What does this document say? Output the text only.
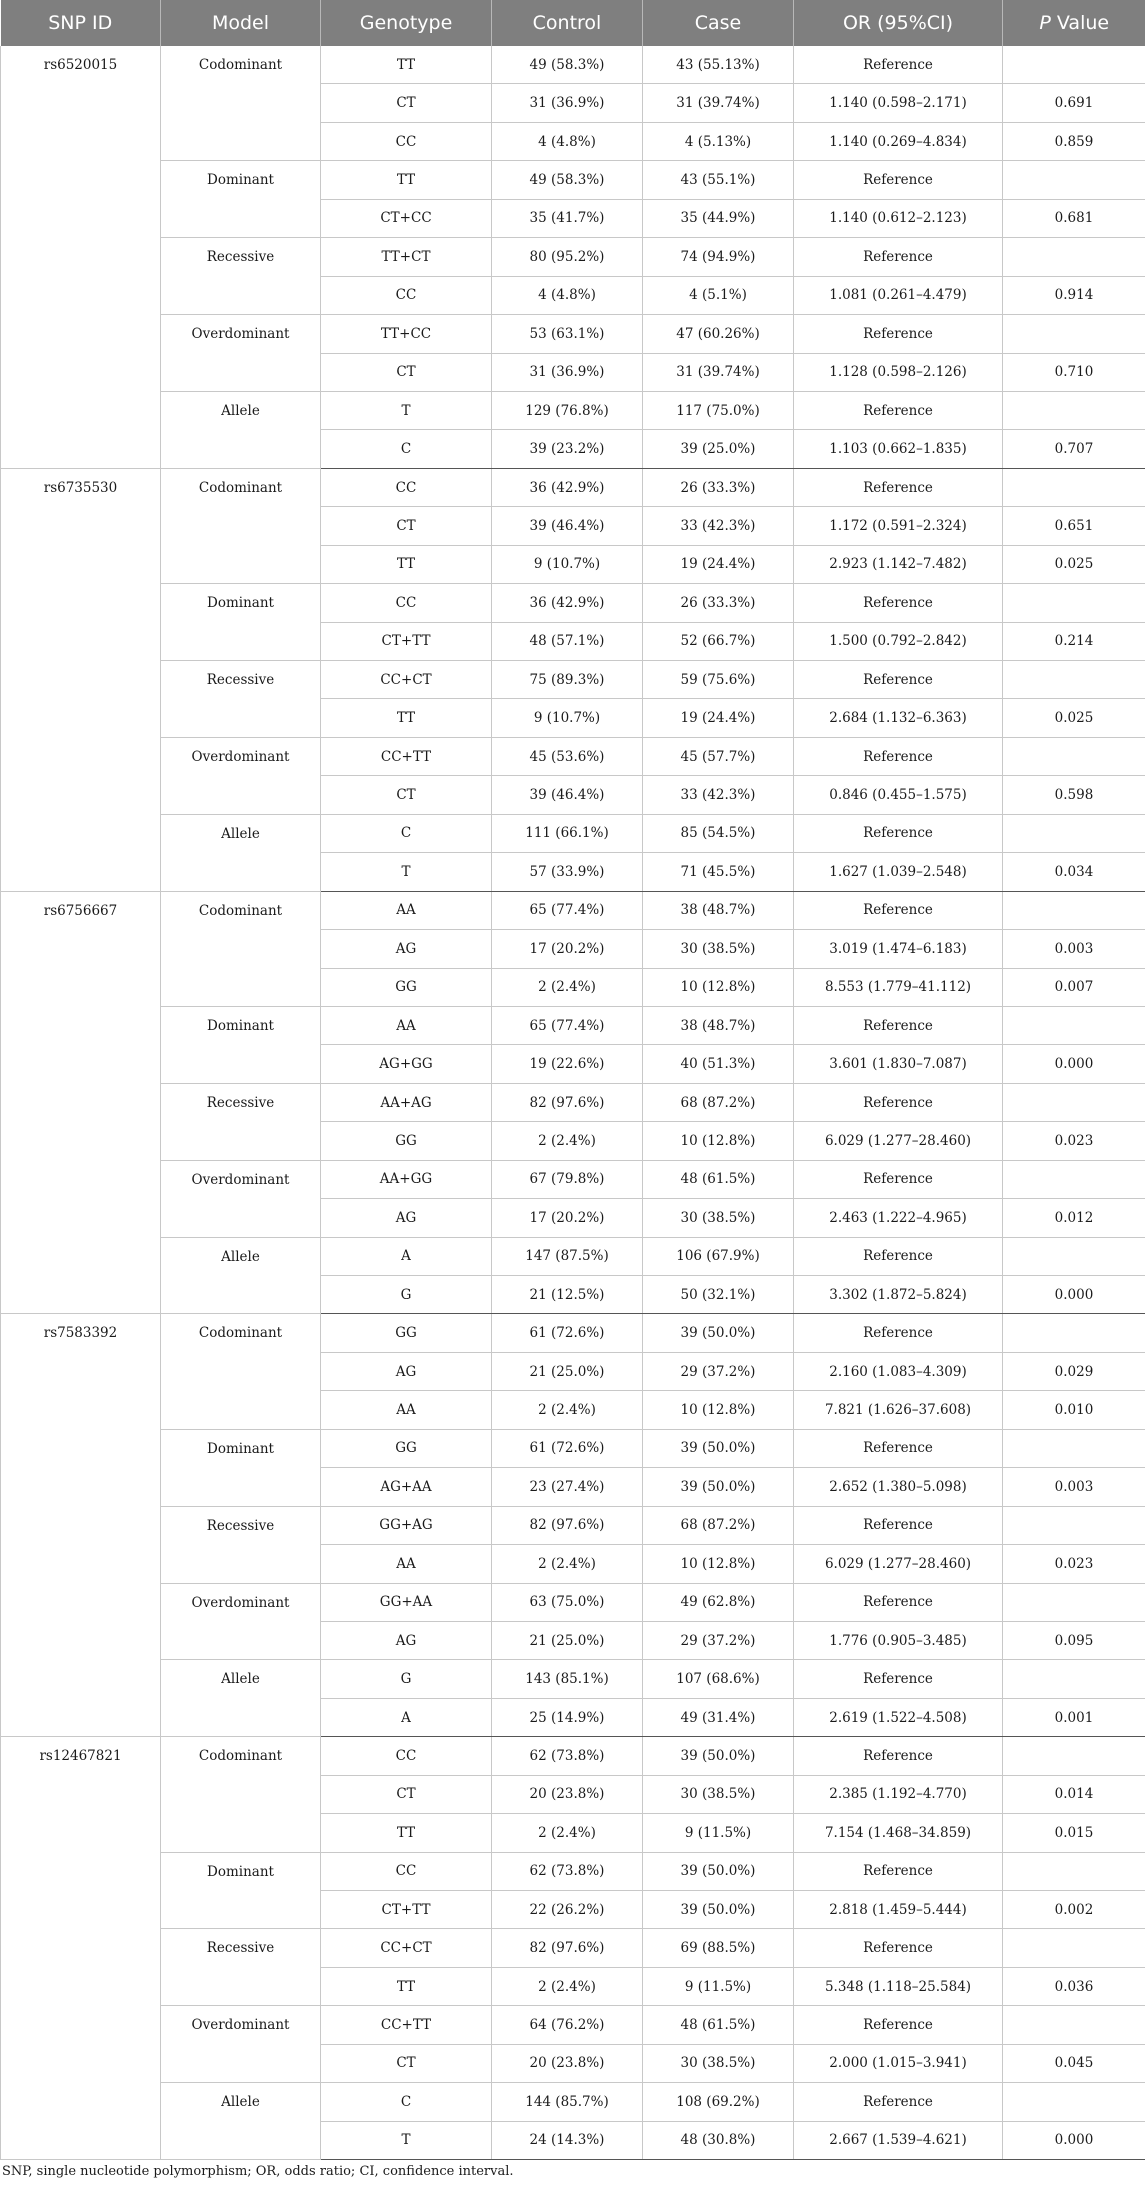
SNP ID	Model	Genotype	Control	Case	OR (95%CI)	P Value
rs6520015	Codominant	TT	49 (58.3%)	43 (55.13%)	Reference	
		CT	31 (36.9%)	31 (39.74%)	1.140 (0.598–2.171)	0.691
		CC	4 (4.8%)	4 (5.13%)	1.140 (0.269–4.834)	0.859
	Dominant	TT	49 (58.3%)	43 (55.1%)	Reference	
		CT+CC	35 (41.7%)	35 (44.9%)	1.140 (0.612–2.123)	0.681
	Recessive	TT+CT	80 (95.2%)	74 (94.9%)	Reference	
		CC	4 (4.8%)	4 (5.1%)	1.081 (0.261–4.479)	0.914
	Overdominant	TT+CC	53 (63.1%)	47 (60.26%)	Reference	
		CT	31 (36.9%)	31 (39.74%)	1.128 (0.598–2.126)	0.710
	Allele	T	129 (76.8%)	117 (75.0%)	Reference	
		C	39 (23.2%)	39 (25.0%)	1.103 (0.662–1.835)	0.707
rs6735530	Codominant	CC	36 (42.9%)	26 (33.3%)	Reference	
		CT	39 (46.4%)	33 (42.3%)	1.172 (0.591–2.324)	0.651
		TT	9 (10.7%)	19 (24.4%)	2.923 (1.142–7.482)	0.025
	Dominant	CC	36 (42.9%)	26 (33.3%)	Reference	
		CT+TT	48 (57.1%)	52 (66.7%)	1.500 (0.792–2.842)	0.214
	Recessive	CC+CT	75 (89.3%)	59 (75.6%)	Reference	
		TT	9 (10.7%)	19 (24.4%)	2.684 (1.132–6.363)	0.025
	Overdominant	CC+TT	45 (53.6%)	45 (57.7%)	Reference	
		CT	39 (46.4%)	33 (42.3%)	0.846 (0.455–1.575)	0.598
	Allele	C	111 (66.1%)	85 (54.5%)	Reference	
		T	57 (33.9%)	71 (45.5%)	1.627 (1.039–2.548)	0.034
rs6756667	Codominant	AA	65 (77.4%)	38 (48.7%)	Reference	
		AG	17 (20.2%)	30 (38.5%)	3.019 (1.474–6.183)	0.003
		GG	2 (2.4%)	10 (12.8%)	8.553 (1.779–41.112)	0.007
	Dominant	AA	65 (77.4%)	38 (48.7%)	Reference	
		AG+GG	19 (22.6%)	40 (51.3%)	3.601 (1.830–7.087)	0.000
	Recessive	AA+AG	82 (97.6%)	68 (87.2%)	Reference	
		GG	2 (2.4%)	10 (12.8%)	6.029 (1.277–28.460)	0.023
	Overdominant	AA+GG	67 (79.8%)	48 (61.5%)	Reference	
		AG	17 (20.2%)	30 (38.5%)	2.463 (1.222–4.965)	0.012
	Allele	A	147 (87.5%)	106 (67.9%)	Reference	
		G	21 (12.5%)	50 (32.1%)	3.302 (1.872–5.824)	0.000
rs7583392	Codominant	GG	61 (72.6%)	39 (50.0%)	Reference	
		AG	21 (25.0%)	29 (37.2%)	2.160 (1.083–4.309)	0.029
		AA	2 (2.4%)	10 (12.8%)	7.821 (1.626–37.608)	0.010
	Dominant	GG	61 (72.6%)	39 (50.0%)	Reference	
		AG+AA	23 (27.4%)	39 (50.0%)	2.652 (1.380–5.098)	0.003
	Recessive	GG+AG	82 (97.6%)	68 (87.2%)	Reference	
		AA	2 (2.4%)	10 (12.8%)	6.029 (1.277–28.460)	0.023
	Overdominant	GG+AA	63 (75.0%)	49 (62.8%)	Reference	
		AG	21 (25.0%)	29 (37.2%)	1.776 (0.905–3.485)	0.095
	Allele	G	143 (85.1%)	107 (68.6%)	Reference	
		A	25 (14.9%)	49 (31.4%)	2.619 (1.522–4.508)	0.001
rs12467821	Codominant	CC	62 (73.8%)	39 (50.0%)	Reference	
		CT	20 (23.8%)	30 (38.5%)	2.385 (1.192–4.770)	0.014
		TT	2 (2.4%)	9 (11.5%)	7.154 (1.468–34.859)	0.015
	Dominant	CC	62 (73.8%)	39 (50.0%)	Reference	
		CT+TT	22 (26.2%)	39 (50.0%)	2.818 (1.459–5.444)	0.002
	Recessive	CC+CT	82 (97.6%)	69 (88.5%)	Reference	
		TT	2 (2.4%)	9 (11.5%)	5.348 (1.118–25.584)	0.036
	Overdominant	CC+TT	64 (76.2%)	48 (61.5%)	Reference	
		CT	20 (23.8%)	30 (38.5%)	2.000 (1.015–3.941)	0.045
	Allele	C	144 (85.7%)	108 (69.2%)	Reference	
		T	24 (14.3%)	48 (30.8%)	2.667 (1.539–4.621)	0.000
SNP, single nucleotide polymorphism; OR, odds ratio; CI, confidence interval.
